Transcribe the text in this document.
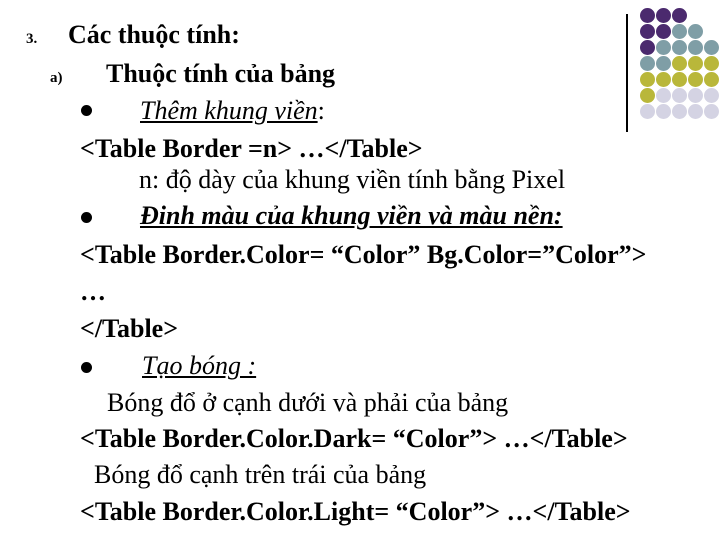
3. Các thuộc tính:
a) Thuộc tính của bảng
Thêm khung viền:
<Table Border =n> …</Table>
n: độ dày của khung viền tính bằng Pixel
Đinh màu của khung viền và màu nền:
<Table Border.Color= “Color” Bg.Color=”Color”>
…
</Table>
Tạo bóng :
Bóng đổ ở cạnh dưới và phải của bảng
<Table Border.Color.Dark= “Color”> …</Table>
Bóng đổ cạnh trên trái của bảng
<Table Border.Color.Light= “Color”> …</Table>
